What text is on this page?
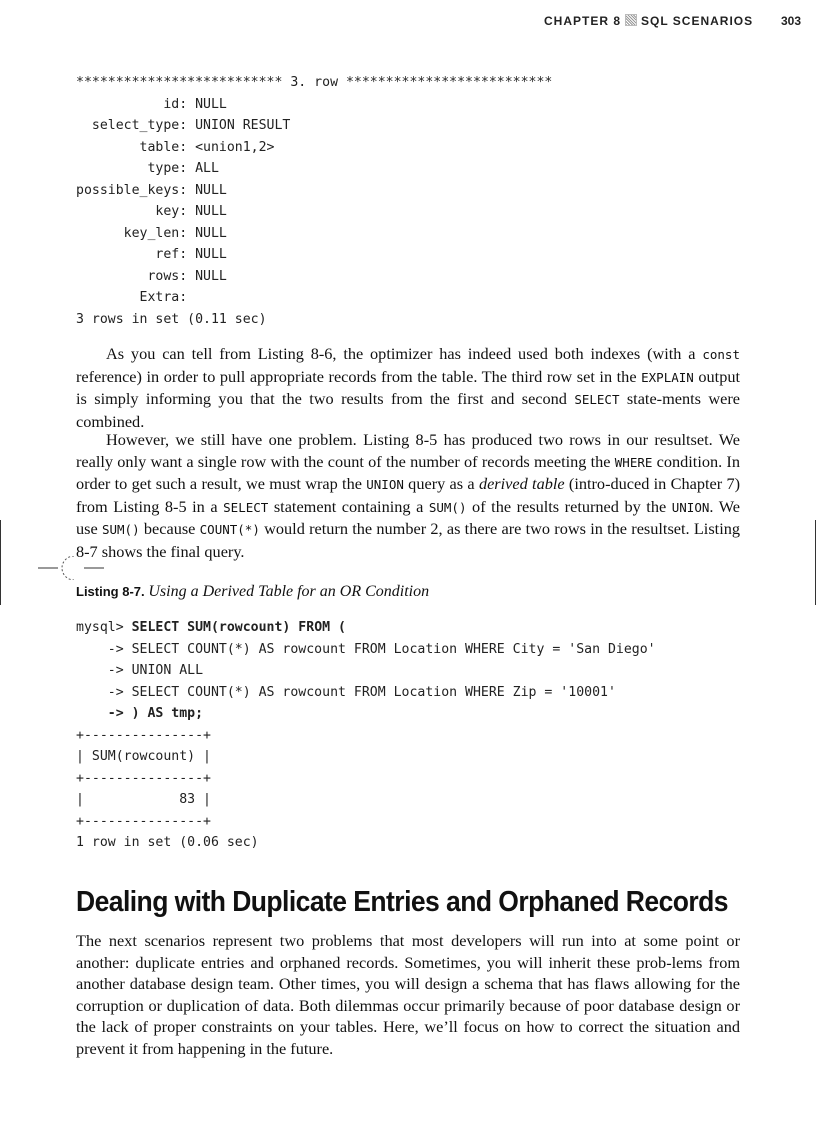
CHAPTER 8 SQL SCENARIOS 303
************************** 3. row **************************
id: NULL
select_type: UNION RESULT
table: <union1,2>
type: ALL
possible_keys: NULL
key: NULL
key_len: NULL
ref: NULL
rows: NULL
Extra:
3 rows in set (0.11 sec)

As you can tell from Listing 8-6, the optimizer has indeed used both indexes (with a const reference) in order to pull appropriate records from the table. The third row set in the EXPLAIN output is simply informing you that the two results from the first and second SELECT state-ments were combined.

However, we still have one problem. Listing 8-5 has produced two rows in our resultset. We really only want a single row with the count of the number of records meeting the WHERE condition. In order to get such a result, we must wrap the UNION query as a derived table (intro-duced in Chapter 7) from Listing 8-5 in a SELECT statement containing a SUM() of the results returned by the UNION. We use SUM() because COUNT(*) would return the number 2, as there are two rows in the resultset. Listing 8-7 shows the final query.

Listing 8-7. Using a Derived Table for an OR Condition
mysql> SELECT SUM(rowcount) FROM (
-> SELECT COUNT(*) AS rowcount FROM Location WHERE City = 'San Diego'
-> UNION ALL
-> SELECT COUNT(*) AS rowcount FROM Location WHERE Zip = '10001'
-> ) AS tmp;
+---------------+
| SUM(rowcount) |
+---------------+
|            83 |
+---------------+
1 row in set (0.06 sec)
Dealing with Duplicate Entries and Orphaned Records

The next scenarios represent two problems that most developers will run into at some point or another: duplicate entries and orphaned records. Sometimes, you will inherit these prob-lems from another database design team. Other times, you will design a schema that has flaws allowing for the corruption or duplication of data. Both dilemmas occur primarily because of poor database design or the lack of proper constraints on your tables. Here, we’ll focus on how to correct the situation and prevent it from happening in the future.
